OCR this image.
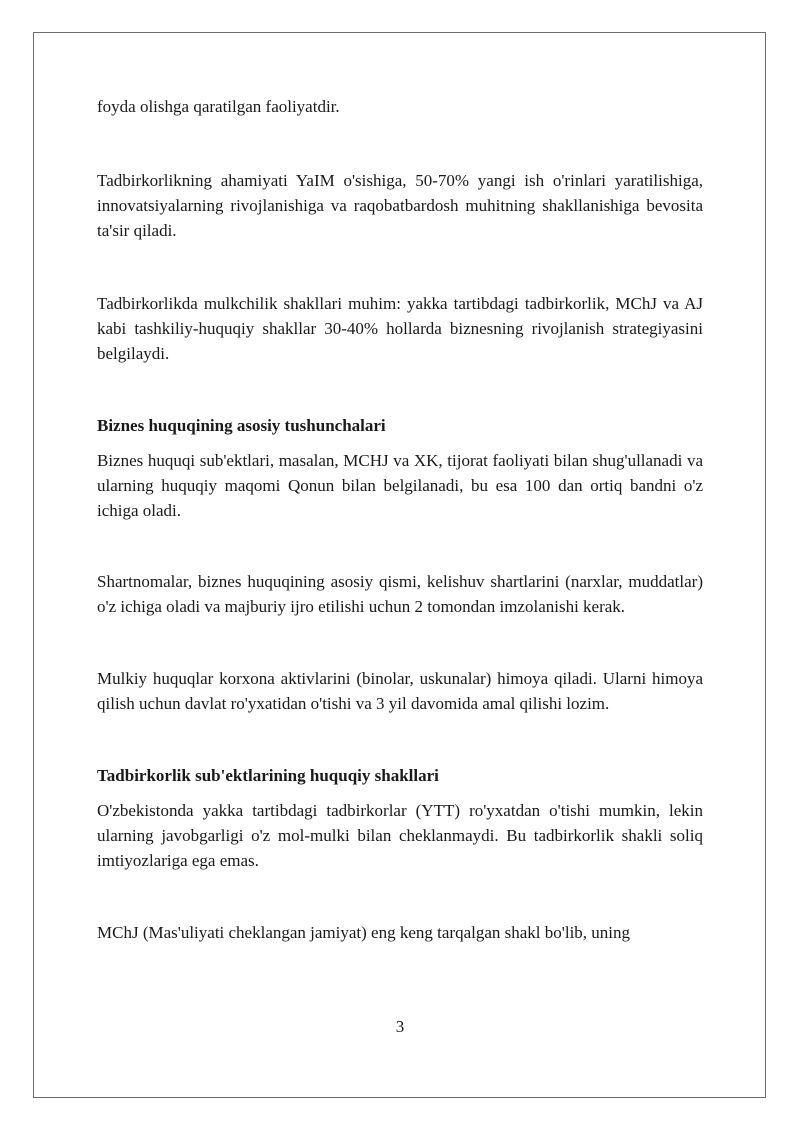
foyda olishga qaratilgan faoliyatdir.

Tadbirkorlikning ahamiyati YaIM o'sishiga, 50-70% yangi ish o'rinlari yaratilishiga, innovatsiyalarning rivojlanishiga va raqobatbardosh muhitning shakllanishiga bevosita ta'sir qiladi.

Tadbirkorlikda mulkchilik shakllari muhim: yakka tartibdagi tadbirkorlik, MChJ va AJ kabi tashkiliy-huquqiy shakllar 30-40% hollarda biznesning rivojlanish strategiyasini belgilaydi.

Biznes huquqining asosiy tushunchalari

Biznes huquqi sub'ektlari, masalan, MCHJ va XK, tijorat faoliyati bilan shug'ullanadi va ularning huquqiy maqomi Qonun bilan belgilanadi, bu esa 100 dan ortiq bandni o'z ichiga oladi.

Shartnomalar, biznes huquqining asosiy qismi, kelishuv shartlarini (narxlar, muddatlar) o'z ichiga oladi va majburiy ijro etilishi uchun 2 tomondan imzolanishi kerak.

Mulkiy huquqlar korxona aktivlarini (binolar, uskunalar) himoya qiladi. Ularni himoya qilish uchun davlat ro'yxatidan o'tishi va 3 yil davomida amal qilishi lozim.

Tadbirkorlik sub'ektlarining huquqiy shakllari

O'zbekistonda yakka tartibdagi tadbirkorlar (YTT) ro'yxatdan o'tishi mumkin, lekin ularning javobgarligi o'z mol-mulki bilan cheklanmaydi. Bu tadbirkorlik shakli soliq imtiyozlariga ega emas.

MChJ (Mas'uliyati cheklangan jamiyat) eng keng tarqalgan shakl bo'lib, uning

3
